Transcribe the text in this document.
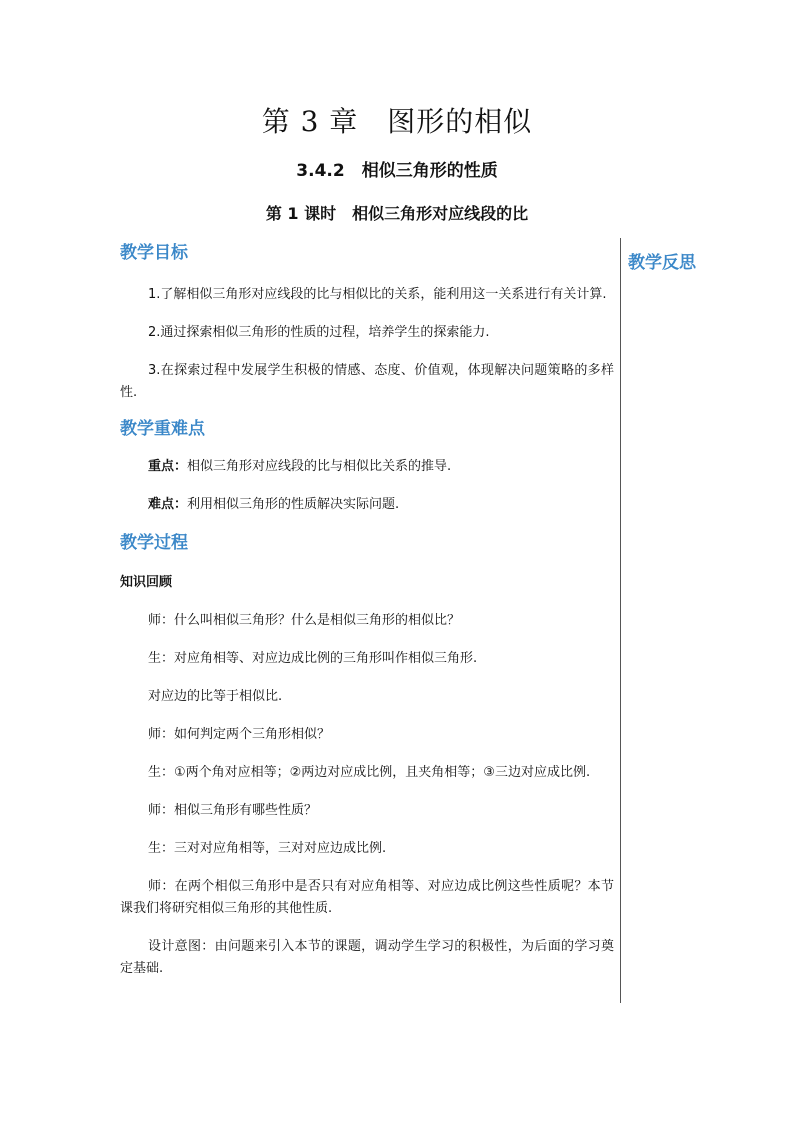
第 3 章　图形的相似
3.4.2　相似三角形的性质
第 1 课时　相似三角形对应线段的比
教学反思
教学目标

1.了解相似三角形对应线段的比与相似比的关系，能利用这一关系进行有关计算.

2.通过探索相似三角形的性质的过程，培养学生的探索能力.

3.在探索过程中发展学生积极的情感、态度、价值观，体现解决问题策略的多样性.

教学重难点

重点：相似三角形对应线段的比与相似比关系的推导.

难点：利用相似三角形的性质解决实际问题.

教学过程

知识回顾

师：什么叫相似三角形？什么是相似三角形的相似比？

生：对应角相等、对应边成比例的三角形叫作相似三角形.

对应边的比等于相似比.

师：如何判定两个三角形相似？

生：①两个角对应相等；②两边对应成比例，且夹角相等；③三边对应成比例.

师：相似三角形有哪些性质？

生：三对对应角相等，三对对应边成比例.

师：在两个相似三角形中是否只有对应角相等、对应边成比例这些性质呢？本节课我们将研究相似三角形的其他性质.

设计意图：由问题来引入本节的课题，调动学生学习的积极性，为后面的学习奠定基础.
